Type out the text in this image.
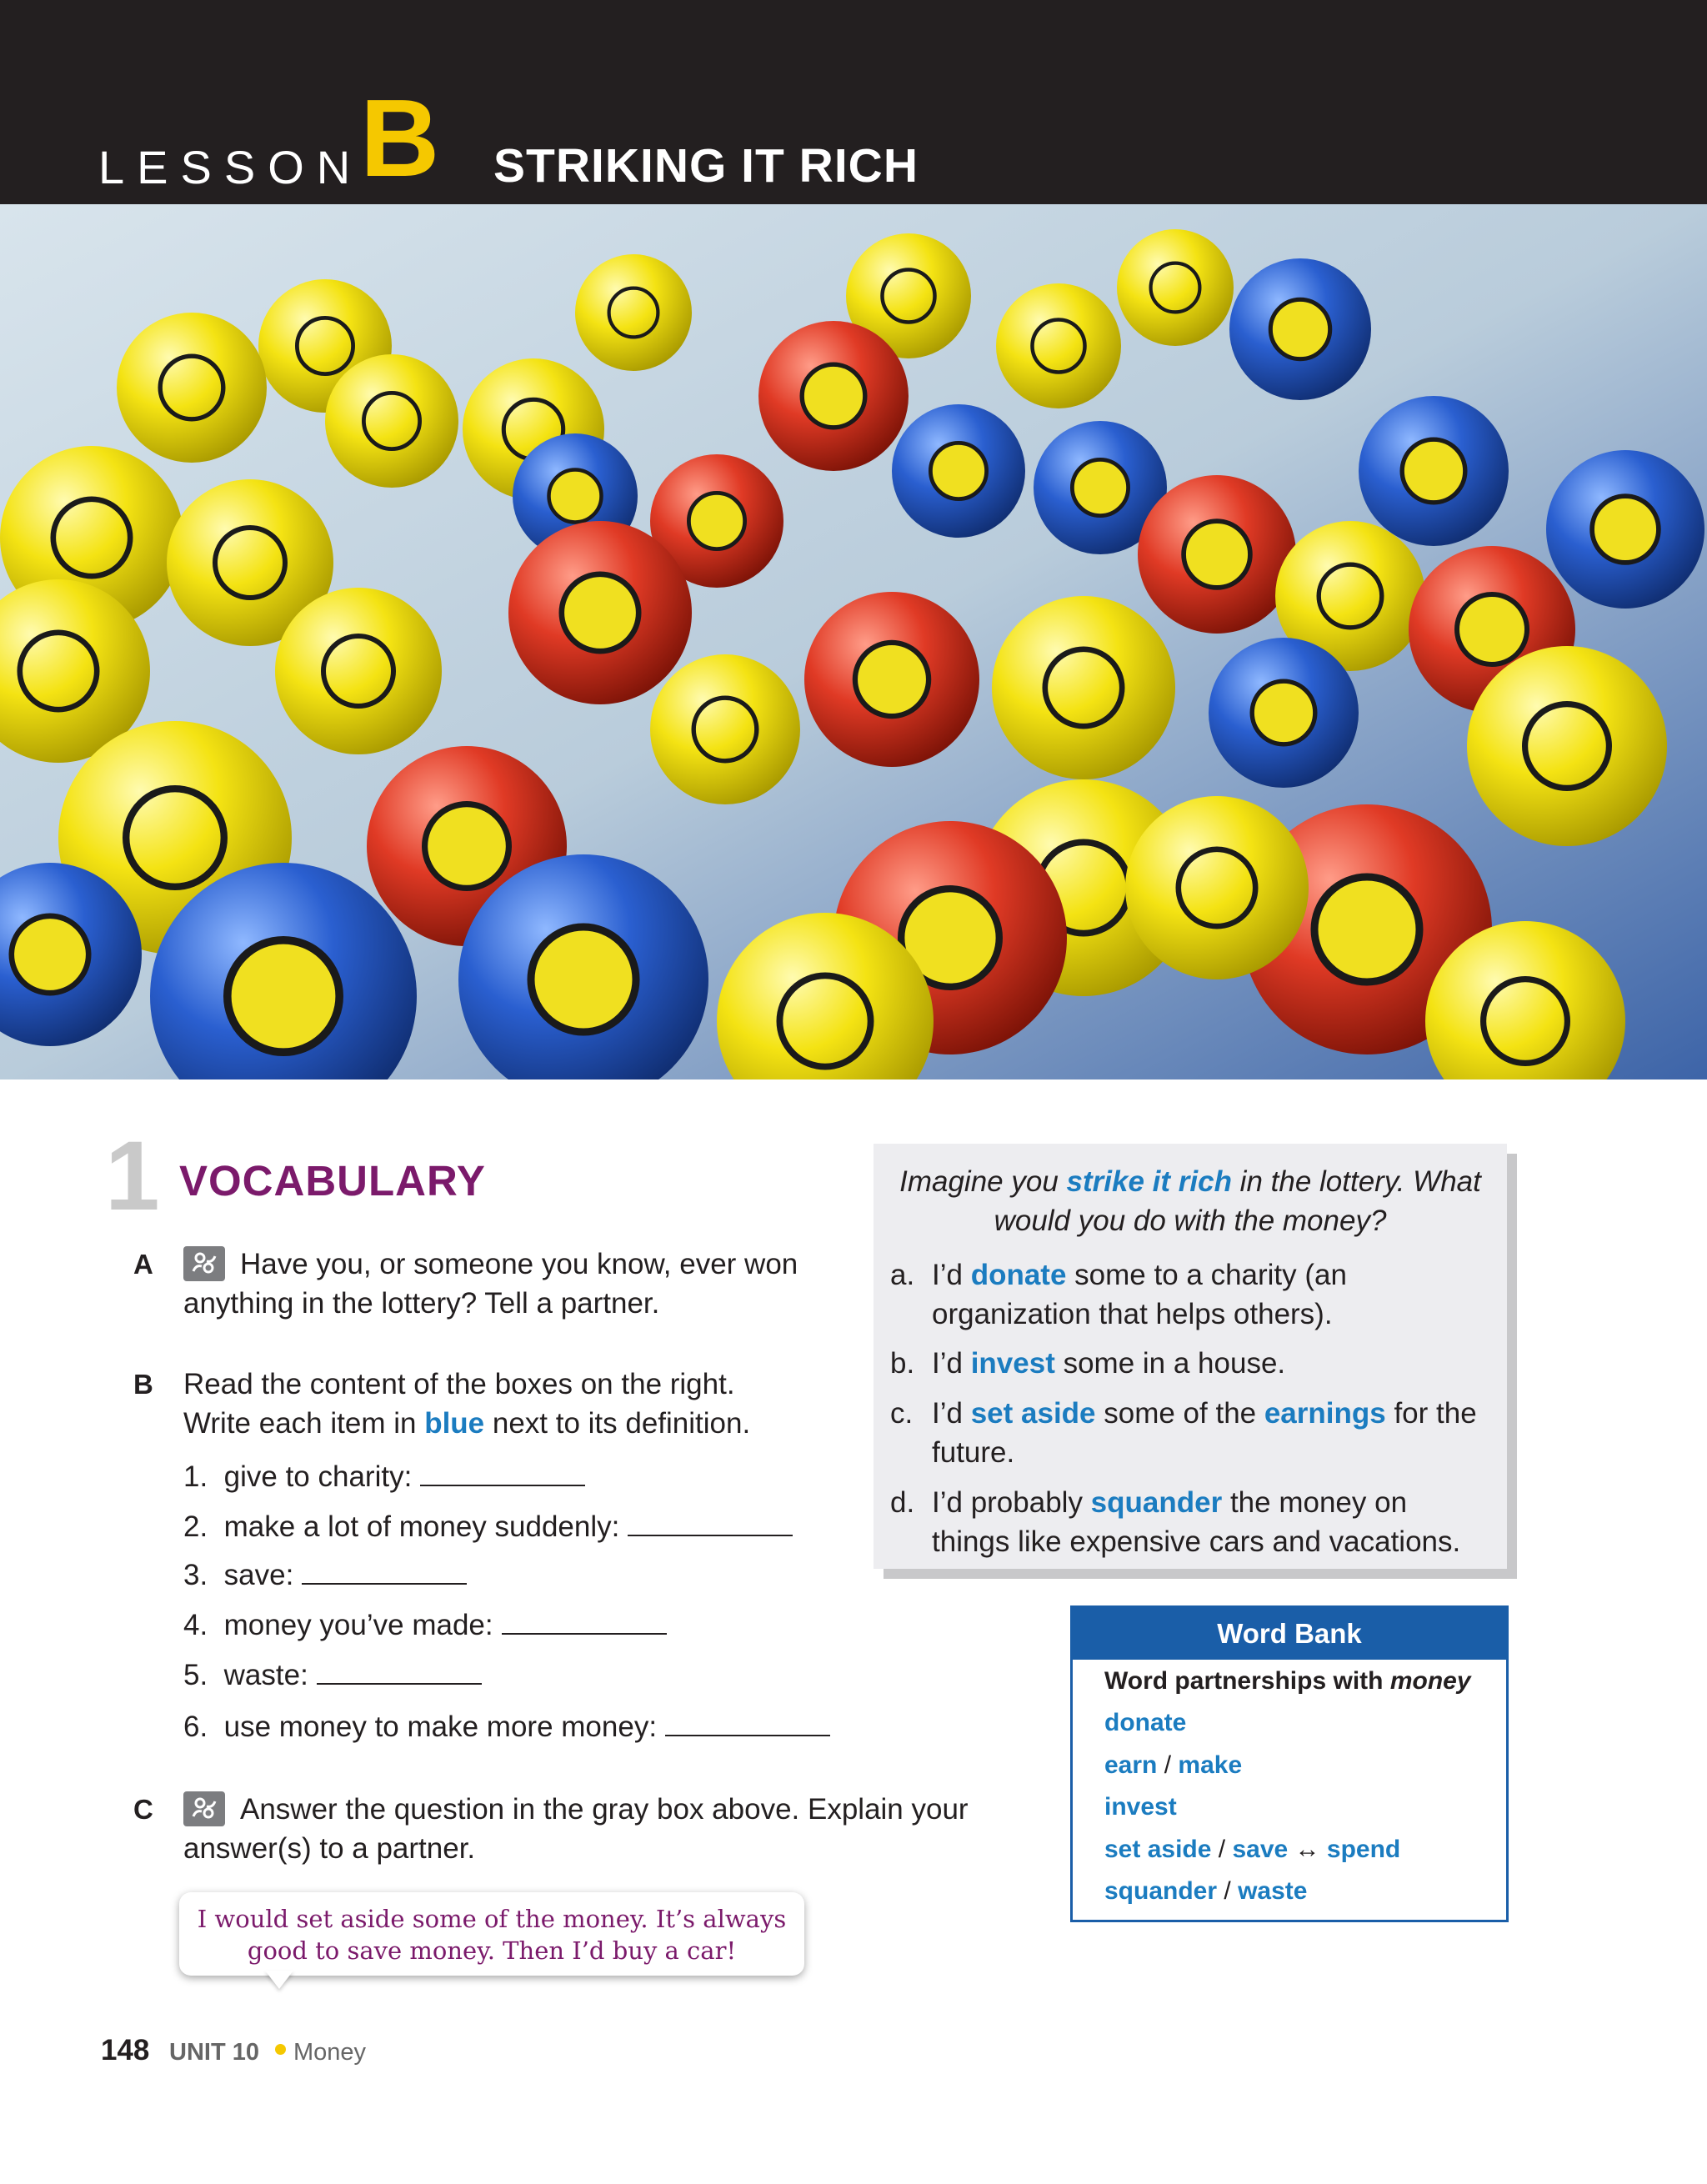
LESSON
B STRIKING IT RICH
1 VOCABULARY
A	Have you, or someone you know, ever won
anything in the lottery? Tell a partner.
B Read the content of the boxes on the right.
Write each item in blue next to its definition.
1. give to charity:
2. make a lot of money suddenly:
3. save:
4. money you’ve made:
5. waste:
6. use money to make more money:
C	Answer the question in the gray box above. Explain your
answer(s) to a partner.
I would set aside some of the money. It’s always
good to save money. Then I’d buy a car!
Imagine you strike it rich in the lottery. What
would you do with the money?
a. I’d donate some to a charity (an
organization that helps others).
b. I’d invest some in a house.
c. I’d set aside some of the earnings for the
future.
d. I’d probably squander the money on
things like expensive cars and vacations.
Word Bank
Word partnerships with money
donate
earn / make
invest
set aside / save ↔ spend
squander / waste
148 UNIT 10 Money
